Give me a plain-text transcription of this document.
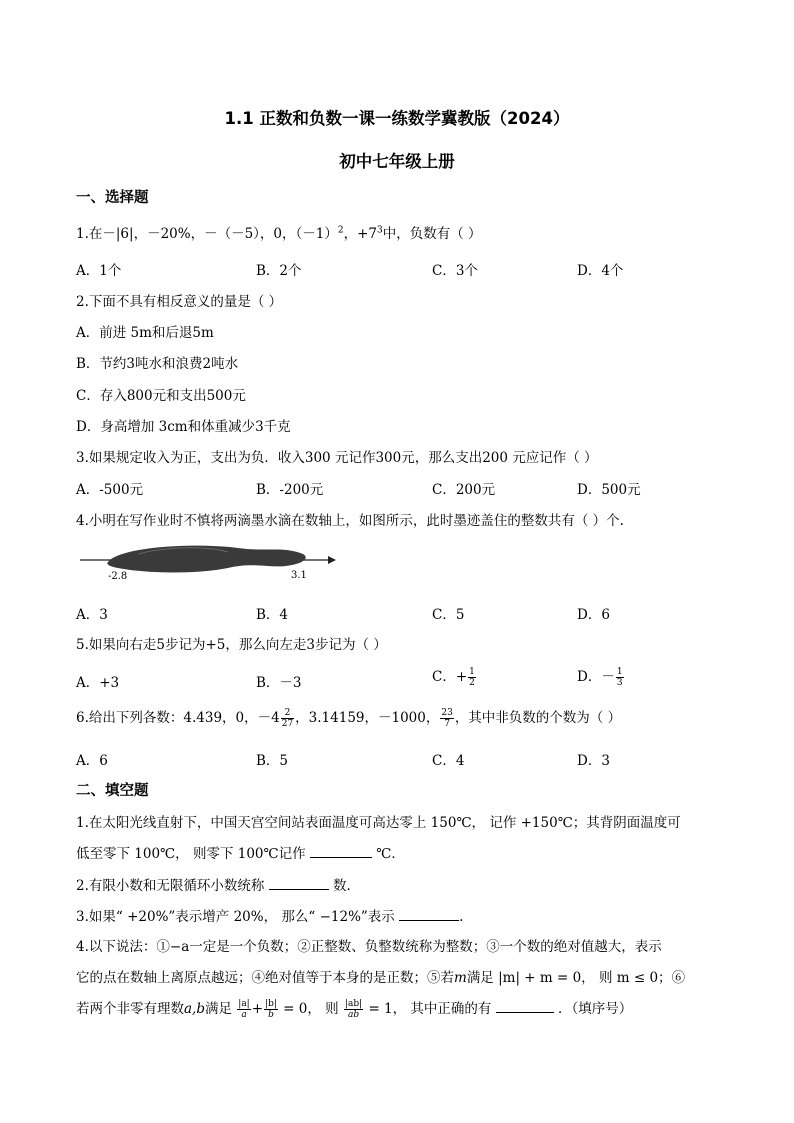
1.1 正数和负数一课一练数学冀教版（2024）
初中七年级上册
一、选择题
1.在－|6|，－20%，－（－5），0，$(-1)^2$，$+7^3$中，负数有（ ）
A．1个	B．2个	C．3个	D．4个
2.下面不具有相反意义的量是（ ）
A．前进 5m和后退5m
B．节约3吨水和浪费2吨水
C．存入800元和支出500元
D．身高增加 3cm和体重减少3千克
3.如果规定收入为正，支出为负．收入300 元记作300元，那么支出200 元应记作（ ）
A．-500元	B．-200元	C．200元	D．500元
4.小明在写作业时不慎将两滴墨水滴在数轴上，如图所示，此时墨迹盖住的整数共有（ ）个.
-2.8	3.1
A．3	B．4	C．5	D．6
5.如果向右走5步记为+5，那么向左走3步记为（ ）
A．+3	B．－3	C．+ $\frac{1}{2}$	D．－ $\frac{1}{3}$
6.给出下列各数：4.439，0，$-4 \frac{2}{27}$ ，3.14159，－1000， $\frac{23}{7}$ ，其中非负数的个数为（ ）
A．6	B．5	C．4	D．3
二、填空题
1.在太阳光线直射下，中国天宫空间站表面温度可高达零上 150℃， 记作 +150℃；其背阴面温度可
低至零下 100℃， 则零下 100℃记作	℃．
2.有限小数和无限循环小数统称	数．
3.如果“ +20%”表示增产 20%， 那么“ −12%”表示	.
4.以下说法：①−a一定是一个负数；②正整数、负整数统称为整数；③一个数的绝对值越大，表示
它的点在数轴上离原点越远；④绝对值等于本身的是正数；⑤若m满足 |m| + m = 0， 则 m ≤ 0；⑥
若两个非零有理数a,b满足 $\frac{|a|}{a} + \frac{|b|}{b} = 0$， 则 $\frac{|ab|}{ab} = 1$， 其中正确的有	．（填序号）
